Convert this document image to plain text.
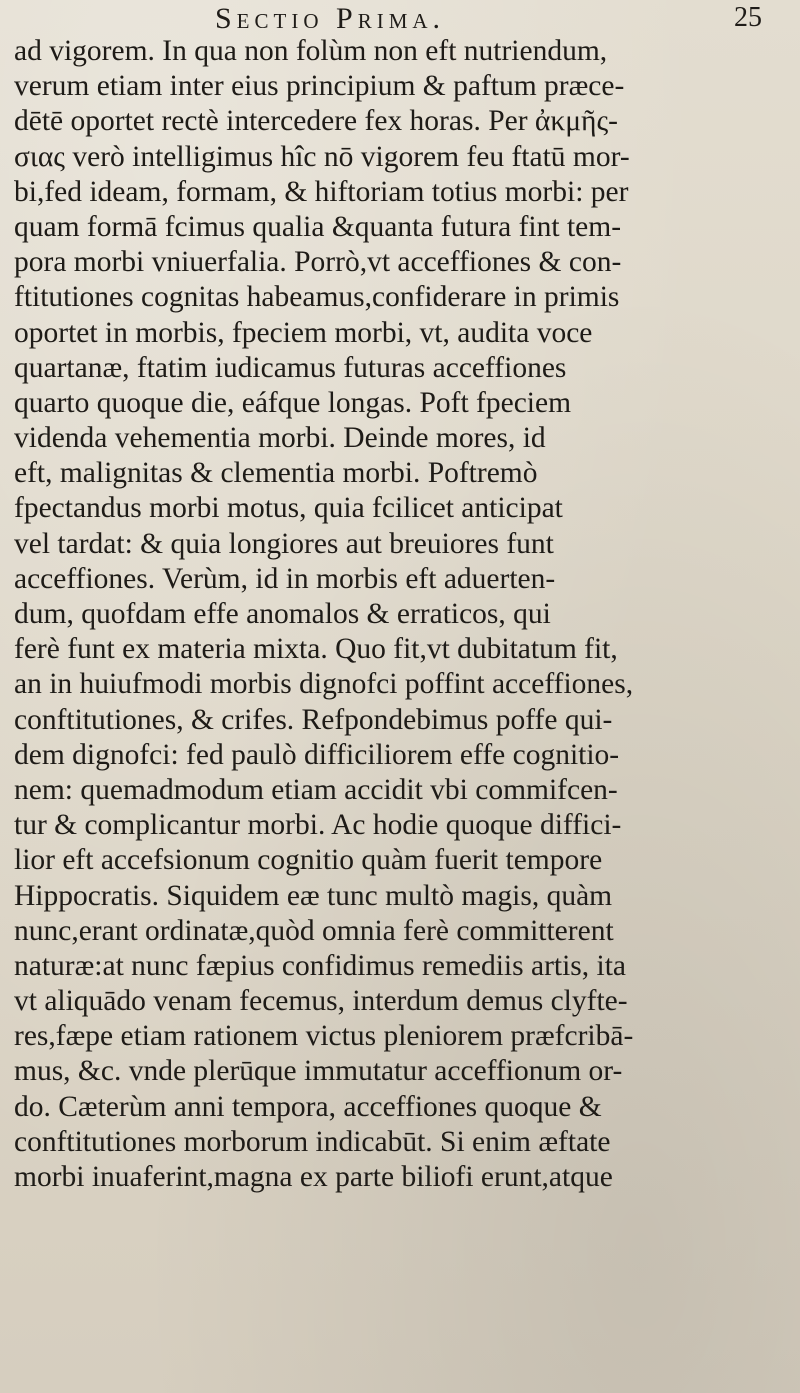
Sectio Prima.	25
ad vigorem. In qua non folùm non eft nutriendum,
verum etiam inter eius principium & paftum præce-
dētē oportet rectè intercedere fex horas. Per ἀκμῆς-
σιας verò intelligimus hîc nō vigorem feu ftatū mor-
bi,fed ideam, formam, & hiftoriam totius morbi: per
quam formā fcimus qualia &quanta futura fint tem-
pora morbi vniuerfalia. Porrò,vt acceffiones & con-
ftitutiones cognitas habeamus,confiderare in primis
oportet in morbis, fpeciem morbi, vt, audita voce
quartanæ, ftatim iudicamus futuras acceffiones
quarto quoque die, eáfque longas. Poft fpeciem
videnda vehementia morbi. Deinde mores, id
eft, malignitas & clementia morbi. Poftremò
fpectandus morbi motus, quia fcilicet anticipat
vel tardat: & quia longiores aut breuiores funt
acceffiones. Verùm, id in morbis eft aduerten-
dum, quofdam effe anomalos & erraticos, qui
ferè funt ex materia mixta. Quo fit,vt dubitatum fit,
an in huiufmodi morbis dignofci poffint acceffiones,
conftitutiones, & crifes. Refpondebimus poffe qui-
dem dignofci: fed paulò difficiliorem effe cognitio-
nem: quemadmodum etiam accidit vbi commifcen-
tur & complicantur morbi. Ac hodie quoque diffici-
lior eft accefsionum cognitio quàm fuerit tempore
Hippocratis. Siquidem eæ tunc multò magis, quàm
nunc,erant ordinatæ,quòd omnia ferè committerent
naturæ:at nunc fæpius confidimus remediis artis, ita
vt aliquādo venam fecemus, interdum demus clyfte-
res,fæpe etiam rationem victus pleniorem præfcribā-
mus, &c. vnde plerūque immutatur acceffionum or-
do. Cæterùm anni tempora, acceffiones quoque &
conftitutiones morborum indicabūt. Si enim æftate
morbi inuaferint,magna ex parte biliofi erunt,atque
